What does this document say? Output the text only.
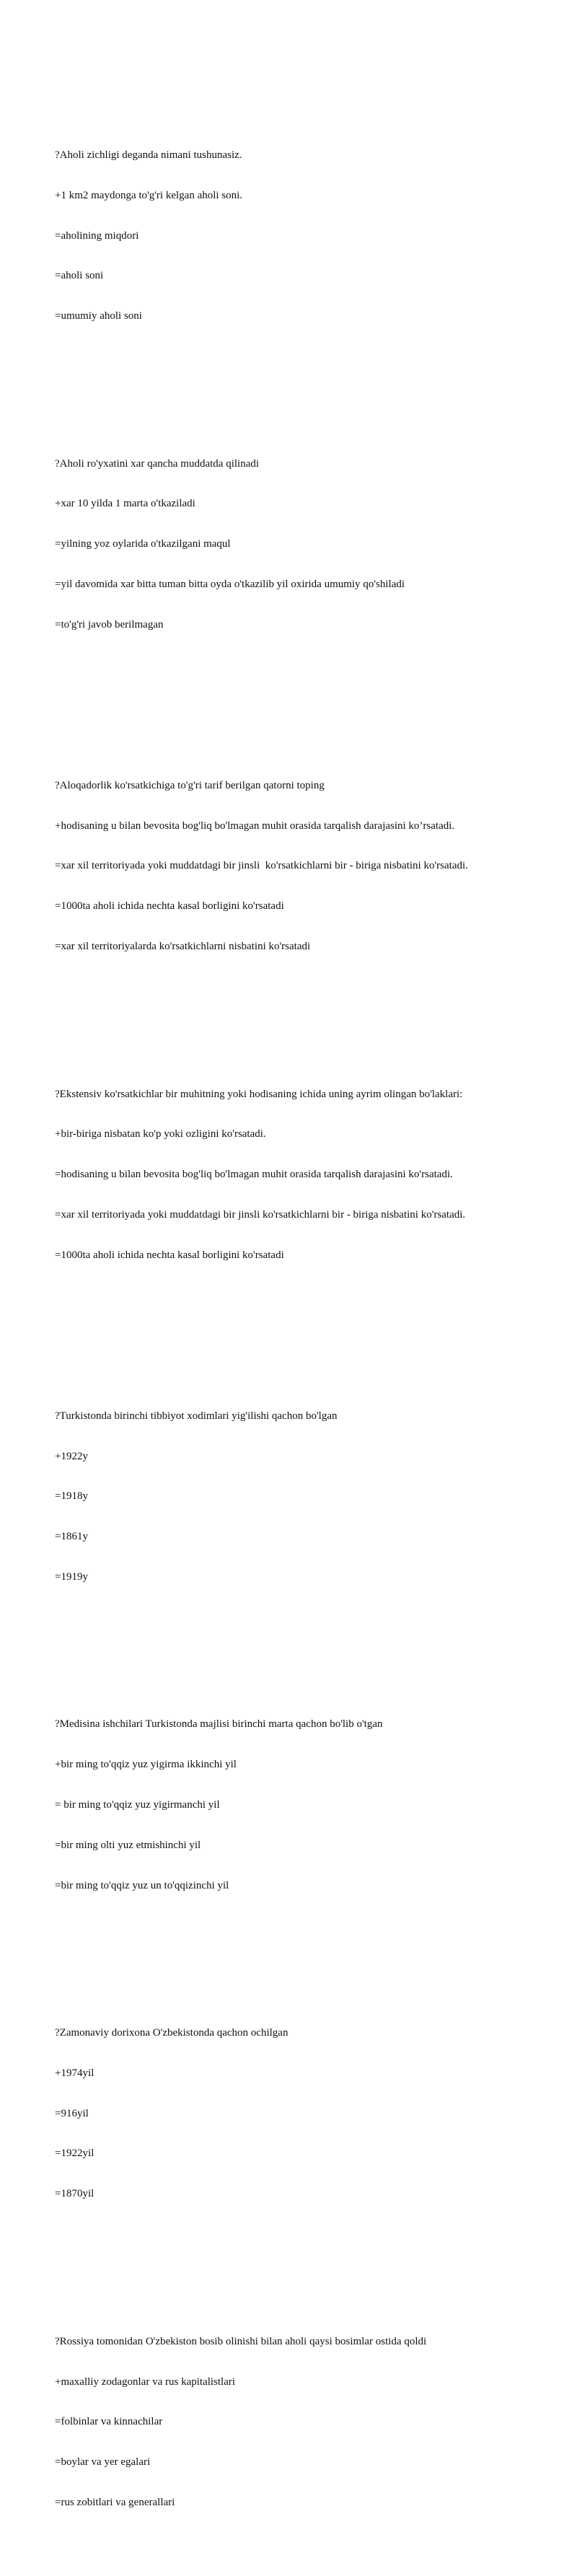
?Aholi zichligi deganda nimani tushunasiz.

+1 km2 maydonga to'g'ri kelgan aholi soni.

=aholining miqdori

=aholi soni

=umumiy aholi soni

?Aholi ro'yxatini xar qancha muddatda qilinadi

+xar 10 yilda 1 marta o'tkaziladi

=yilning yoz oylarida o'tkazilgani maqul

=yil davomida xar bitta tuman bitta oyda o'tkazilib yil oxirida umumiy qo'shiladi

=to'g'ri javob berilmagan

?Aloqadorlik ko'rsatkichiga to'g'ri tarif berilgan qatorni toping

+hodisaning u bilan bevosita bog'liq bo'lmagan muhit orasida tarqalish darajasini ko’rsatadi.

=xar xil territoriyada yoki muddatdagi bir jinsli  ko'rsatkichlarni bir - biriga nisbatini ko'rsatadi.

=1000ta aholi ichida nechta kasal borligini ko'rsatadi

=xar xil territoriyalarda ko'rsatkichlarni nisbatini ko'rsatadi

?Ekstensiv ko'rsatkichlar bir muhitning yoki hodisaning ichida uning ayrim olingan bo'laklari:

+bir-biriga nisbatan ko'p yoki ozligini ko'rsatadi.

=hodisaning u bilan bevosita bog'liq bo'lmagan muhit orasida tarqalish darajasini ko'rsatadi.

=xar xil territoriyada yoki muddatdagi bir jinsli ko'rsatkichlarni bir - biriga nisbatini ko'rsatadi.

=1000ta aholi ichida nechta kasal borligini ko'rsatadi

?Turkistonda birinchi tibbiyot xodimlari yig'ilishi qachon bo'lgan

+1922y

=1918y

=1861y

=1919y

?Medisina ishchilari Turkistonda majlisi birinchi marta qachon bo'lib o'tgan

+bir ming to'qqiz yuz yigirma ikkinchi yil

= bir ming to'qqiz yuz yigirmanchi yil

=bir ming olti yuz etmishinchi yil

=bir ming to'qqiz yuz un to'qqizinchi yil

?Zamonaviy dorixona O'zbekistonda qachon ochilgan

+1974yil

=916yil

=1922yil

=1870yil

?Rossiya tomonidan O'zbekiston bosib olinishi bilan aholi qaysi bosimlar ostida qoldi

+maxalliy zodagonlar va rus kapitalistlari

=folbinlar va kinnachilar

=boylar va yer egalari

=rus zobitlari va generallari
